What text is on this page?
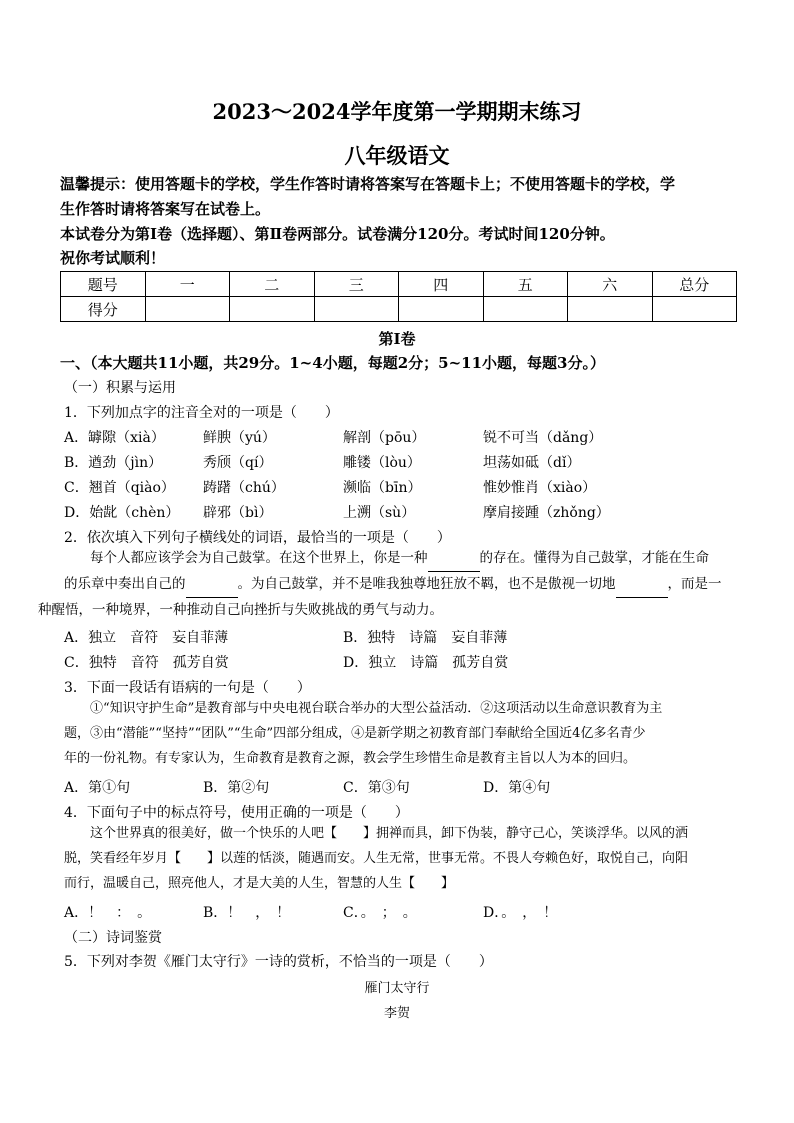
2023～2024学年度第一学期期末练习
八年级语文
温馨提示：使用答题卡的学校，学生作答时请将答案写在答题卡上；不使用答题卡的学校，学
生作答时请将答案写在试卷上。
本试卷分为第Ⅰ卷（选择题）、第Ⅱ卷两部分。试卷满分120分。考试时间120分钟。
祝你考试顺利！
题号	一	二	三	四	五	六	总分
得分							
第Ⅰ卷
一、（本大题共11小题，共29分。1~4小题，每题2分；5~11小题，每题3分。）
（一）积累与运用
1．下列加点字的注音全对的一项是（　　）
A．罅隙（xià）	鲜腴（yú）	解剖（pōu）	锐不可当（dǎng）
B．遒劲（jìn）	秀颀（qí）	雕镂（lòu）	坦荡如砥（dǐ）
C．翘首（qiào） 踌躇（chú）	濒临（bīn）	惟妙惟肖（xiào）
D．始龀（chèn） 辟邪（bì）	上溯（sù）	摩肩接踵（zhǒng）
2．依次填入下列句子横线处的词语，最恰当的一项是（　　）
每个人都应该学会为自己鼓掌。在这个世界上，你是一种	的存在。懂得为自己鼓掌，才能在生命
的乐章中奏出自己的	。为自己鼓掌，并不是唯我独尊地狂放不羁，也不是傲视一切地	，而是一
种醒悟，一种境界，一种推动自己向挫折与失败挑战的勇气与动力。
A．独立　音符　妄自菲薄	B．独特　诗篇　妄自菲薄
C．独特　音符　孤芳自赏	D．独立　诗篇　孤芳自赏
3．下面一段话有语病的一句是（　　）
①“知识守护生命”是教育部与中央电视台联合举办的大型公益活动．②这项活动以生命意识教育为主
题，③由“潜能”“坚持”“团队”“生命”四部分组成，④是新学期之初教育部门奉献给全国近4亿多名青少
年的一份礼物。有专家认为，生命教育是教育之源，教会学生珍惜生命是教育主旨以人为本的回归。
A．第①句	B．第②句	C．第③句	D．第④句
4．下面句子中的标点符号，使用正确的一项是（　　）
这个世界真的很美好，做一个快乐的人吧【　　】拥禅而具，卸下伪装，静守己心，笑谈浮华。以风的洒
脱，笑看经年岁月【　　】以莲的恬淡，随遇而安。人生无常，世事无常。不畏人夸赖色好，取悦自己，向阳
而行，温暖自己，照亮他人，才是大美的人生，智慧的人生【　　】
A．！　：　。	B．！　，　！	C．。　；　。	D．。　，　！
（二）诗词鉴赏
5．下列对李贺《雁门太守行》一诗的赏析，不恰当的一项是（　　）
雁门太守行
李贺
